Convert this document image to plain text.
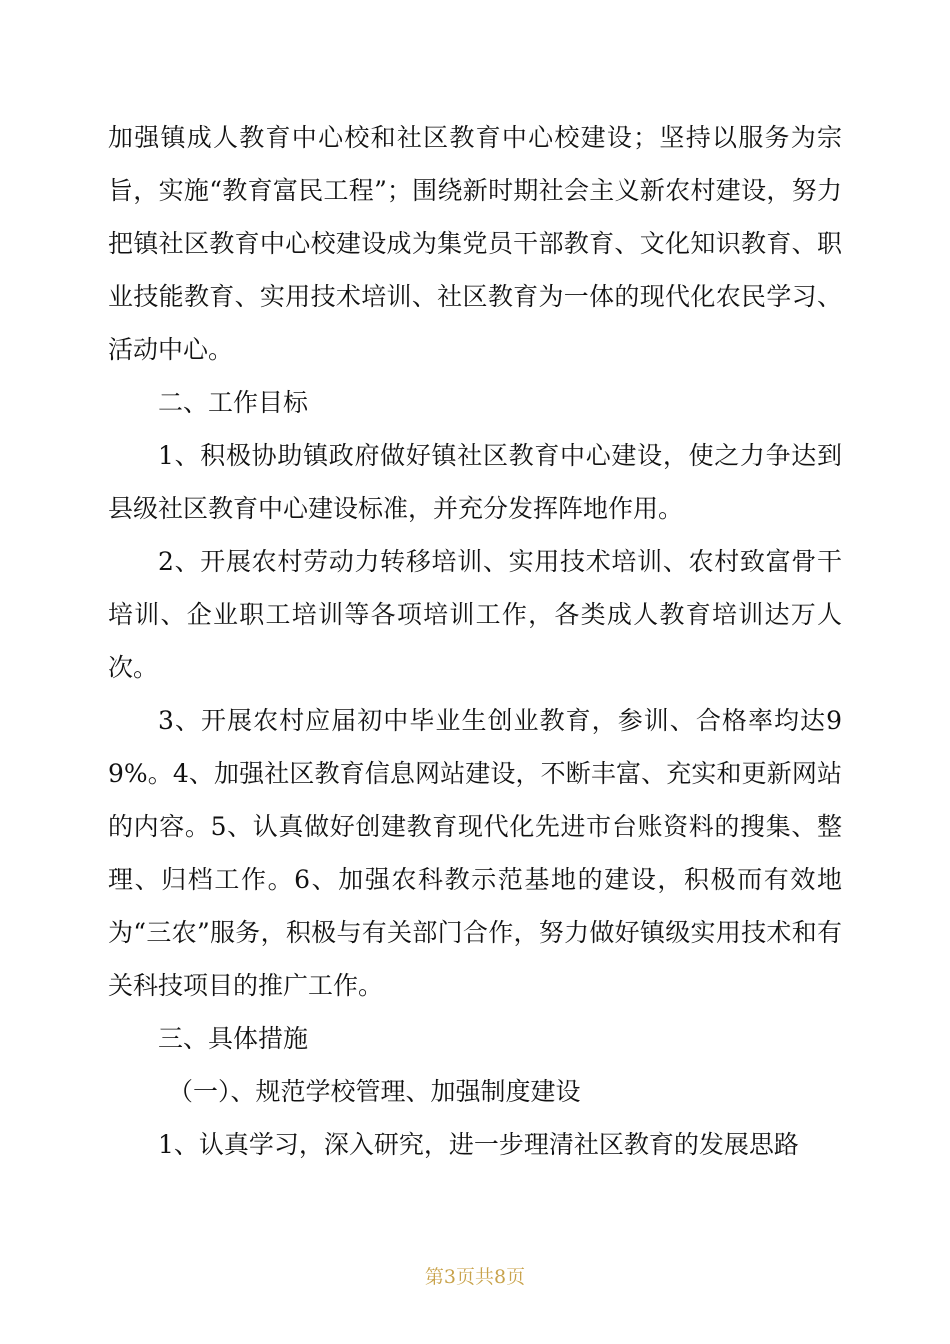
加强镇成人教育中心校和社区教育中心校建设；坚持以服务为宗旨，实施“教育富民工程”；围绕新时期社会主义新农村建设，努力把镇社区教育中心校建设成为集党员干部教育、文化知识教育、职业技能教育、实用技术培训、社区教育为一体的现代化农民学习、活动中心。

二、工作目标

1、积极协助镇政府做好镇社区教育中心建设，使之力争达到县级社区教育中心建设标准，并充分发挥阵地作用。

2、开展农村劳动力转移培训、实用技术培训、农村致富骨干培训、企业职工培训等各项培训工作，各类成人教育培训达万人次。

3、开展农村应届初中毕业生创业教育，参训、合格率均达99%。4、加强社区教育信息网站建设，不断丰富、充实和更新网站的内容。5、认真做好创建教育现代化先进市台账资料的搜集、整理、归档工作。6、加强农科教示范基地的建设，积极而有效地为“三农”服务，积极与有关部门合作，努力做好镇级实用技术和有关科技项目的推广工作。

三、具体措施

（一）、规范学校管理、加强制度建设

1、认真学习，深入研究，进一步理清社区教育的发展思路

第3页共8页
